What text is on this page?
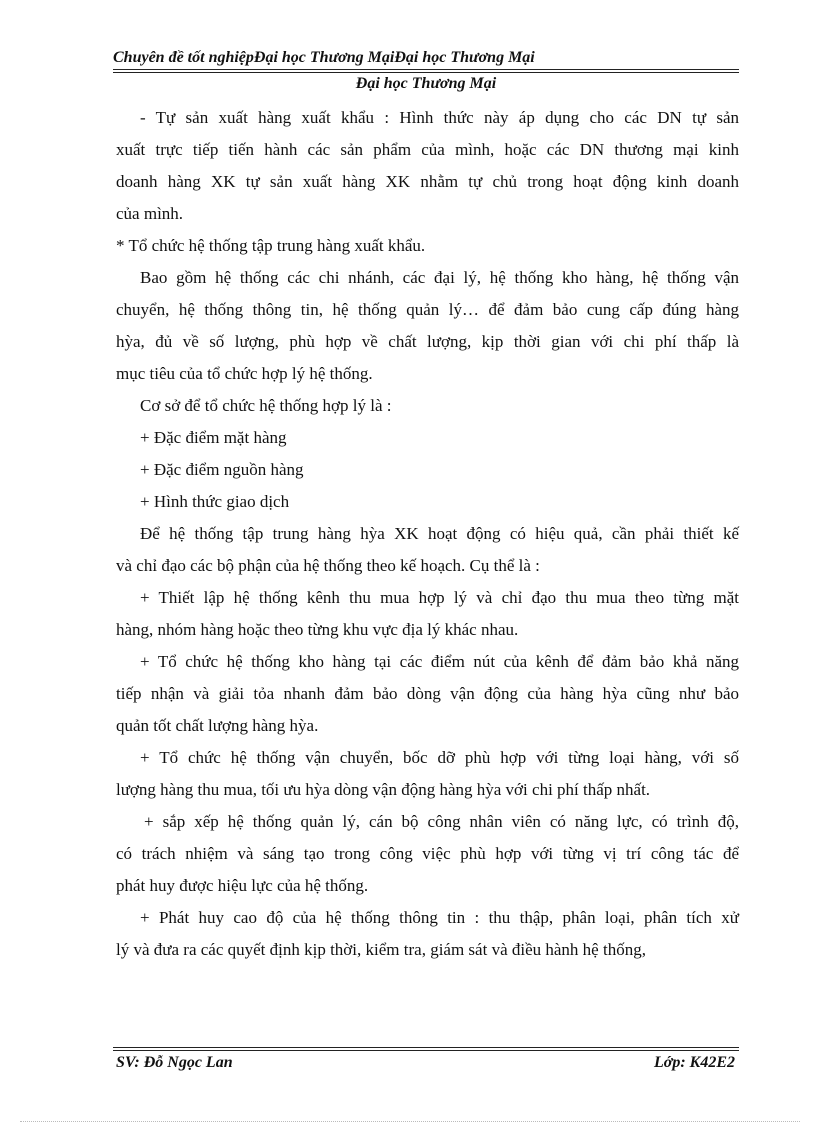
Chuyên đề tốt nghiệpĐại học Thương MạiĐại học Thương Mại
Đại học Thương Mại
- Tự sản xuất hàng xuất khẩu : Hình thức này áp dụng cho các DN tự sản
xuất trực tiếp tiến hành các sản phẩm của mình, hoặc các DN thương mại kinh
doanh hàng XK tự sản xuất hàng XK nhằm tự chủ trong hoạt động kinh doanh
của mình.
* Tổ chức hệ thống tập trung hàng xuất khẩu.
Bao gồm hệ thống các chi nhánh, các đại lý, hệ thống kho hàng, hệ thống vận
chuyển, hệ thống thông tin, hệ thống quản lý… để đảm bảo cung cấp đúng hàng
hỳa, đủ về số lượng, phù hợp về chất lượng, kịp thời gian với chi phí thấp là
mục tiêu của tổ chức hợp lý hệ thống.
Cơ sở để tổ chức hệ thống hợp lý là :
+ Đặc điểm mặt hàng
+ Đặc điểm nguồn hàng
+ Hình thức giao dịch
Để hệ thống tập trung hàng hỳa XK hoạt động có hiệu quả, cần phải thiết kế
và chỉ đạo các bộ phận của hệ thống theo kế hoạch. Cụ thể là :
+ Thiết lập hệ thống kênh thu mua hợp lý và chỉ đạo thu mua theo từng mặt
hàng, nhóm hàng hoặc theo từng khu vực địa lý khác nhau.
+ Tổ chức hệ thống kho hàng tại các điểm nút của kênh để đảm bảo khả năng
tiếp nhận và giải tỏa nhanh đảm bảo dòng vận động của hàng hỳa cũng như bảo
quản tốt chất lượng hàng hỳa.
+ Tổ chức hệ thống vận chuyển, bốc dỡ phù hợp với từng loại hàng, với số
lượng hàng thu mua, tối ưu hỳa dòng vận động hàng hỳa với chi phí thấp nhất.
+ sắp xếp hệ thống quản lý, cán bộ công nhân viên có năng lực, có trình độ,
có trách nhiệm và sáng tạo trong công việc phù hợp với từng vị trí công tác để
phát huy được hiệu lực của hệ thống.
+ Phát huy cao độ của hệ thống thông tin : thu thập, phân loại, phân tích xử
lý và đưa ra các quyết định kịp thời, kiểm tra, giám sát và điều hành hệ thống,
SV: Đỗ Ngọc Lan	Lớp: K42E2
